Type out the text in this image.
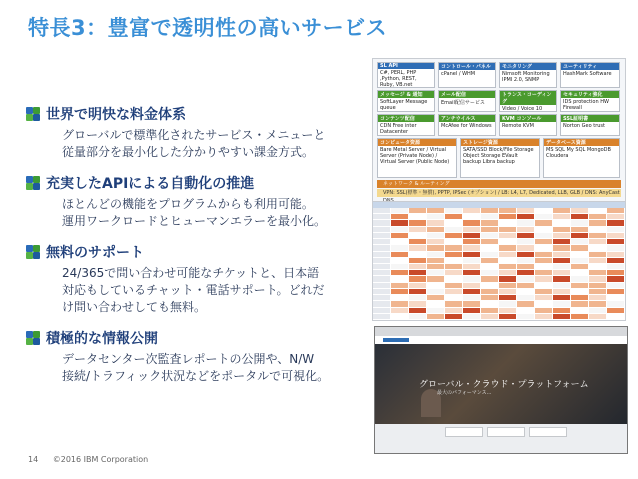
特長3：豊富で透明性の高いサービス
世界で明快な料金体系
グローバルで標準化されたサービス・メニューと
従量部分を最小化した分かりやすい課金方式。
充実したAPIによる自動化の推進
ほとんどの機能をプログラムからも利用可能。
運用ワークロードとヒューマンエラーを最小化。
無料のサポート
24/365で問い合わせ可能なチケットと、日本語
対応もしているチャット・電話サポート。どれだ
け問い合わせしても無料。
積極的な情報公開
データセンター次監査レポートの公開や、N/W
接続/トラフィック状況などをポータルで可視化。
SL API
C#, PERL, PHP ,Python, REST, Ruby, VB.net
コントロール・パネル
cPanel / WHM
モニタリング
Nimsoft Monitoring IPMI 2.0, SNMP
ユーティリティ
HashMark Software
メッセージ & 通知
SoftLayer Message queue
メール配信
Email配信サービス
トランス・コーディング
Video / Voice 10
セキュリティ強化
IDS protection HW Firewall
コンテンツ配信
CDN Free inter Datacenter
アンチウイルス
McAfee for Windows
KVM コンソール
Remote KVM
SSL証明書
Norton Geo trust
コンピュータ资源
Bare Metal Server / Virtual Server (Private Node) / Virtual Server (Public Node)
ストレージ資源
SATA/SSD Block/File Storage Object Storage EVault backup Libra backup
データベース資源
MS SQL My SQL MongoDB Cloudera
ネットワーク & ルーティング
VPN: SSL(標準・無償), PPTP, IPSec (オプション) / LB: L4, L7, Dedicated, LLB, GLB / DNS: AnyCast
グローバル・クラウド・プラットフォーム
最大のパフォーマンス...
14 ©2016 IBM Corporation
